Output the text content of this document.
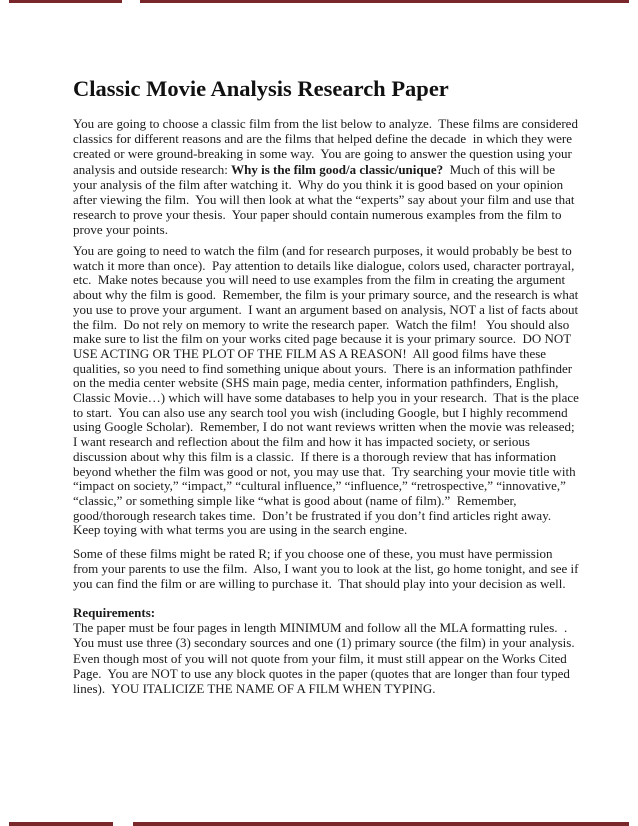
Classic Movie Analysis Research Paper
You are going to choose a classic film from the list below to analyze.  These films are considered
classics for different reasons and are the films that helped define the decade  in which they were
created or were ground-breaking in some way.  You are going to answer the question using your
analysis and outside research: Why is the film good/a classic/unique?  Much of this will be
your analysis of the film after watching it.  Why do you think it is good based on your opinion
after viewing the film.  You will then look at what the “experts” say about your film and use that
research to prove your thesis.  Your paper should contain numerous examples from the film to
prove your points.
You are going to need to watch the film (and for research purposes, it would probably be best to
watch it more than once).  Pay attention to details like dialogue, colors used, character portrayal,
etc.  Make notes because you will need to use examples from the film in creating the argument
about why the film is good.  Remember, the film is your primary source, and the research is what
you use to prove your argument.  I want an argument based on analysis, NOT a list of facts about
the film.  Do not rely on memory to write the research paper.  Watch the film!   You should also
make sure to list the film on your works cited page because it is your primary source.  DO NOT
USE ACTING OR THE PLOT OF THE FILM AS A REASON!  All good films have these
qualities, so you need to find something unique about yours.  There is an information pathfinder
on the media center website (SHS main page, media center, information pathfinders, English,
Classic Movie…) which will have some databases to help you in your research.  That is the place
to start.  You can also use any search tool you wish (including Google, but I highly recommend
using Google Scholar).  Remember, I do not want reviews written when the movie was released;
I want research and reflection about the film and how it has impacted society, or serious
discussion about why this film is a classic.  If there is a thorough review that has information
beyond whether the film was good or not, you may use that.  Try searching your movie title with
“impact on society,” “impact,” “cultural influence,” “influence,” “retrospective,” “innovative,”
“classic,” or something simple like “what is good about (name of film).”  Remember,
good/thorough research takes time.  Don’t be frustrated if you don’t find articles right away.
Keep toying with what terms you are using in the search engine.
Some of these films might be rated R; if you choose one of these, you must have permission
from your parents to use the film.  Also, I want you to look at the list, go home tonight, and see if
you can find the film or are willing to purchase it.  That should play into your decision as well.
Requirements:
The paper must be four pages in length MINIMUM and follow all the MLA formatting rules.  .
You must use three (3) secondary sources and one (1) primary source (the film) in your analysis.
Even though most of you will not quote from your film, it must still appear on the Works Cited
Page.  You are NOT to use any block quotes in the paper (quotes that are longer than four typed
lines).  YOU ITALICIZE THE NAME OF A FILM WHEN TYPING.
